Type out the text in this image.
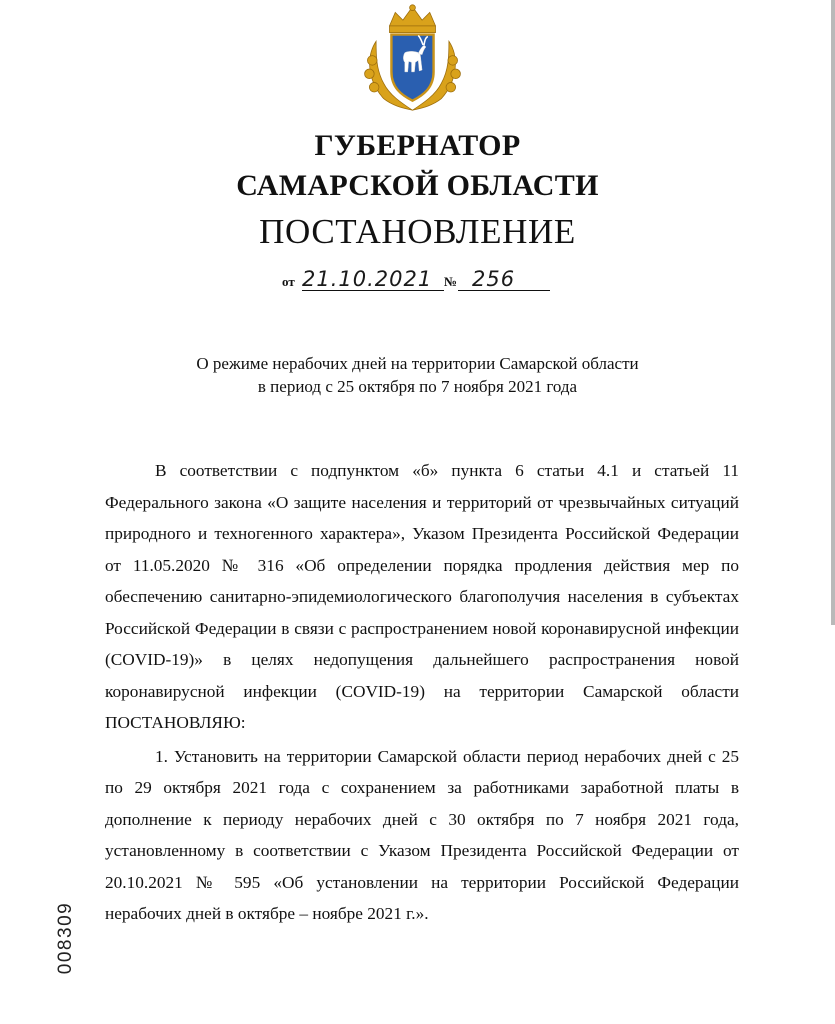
ГУБЕРНАТОР
САМАРСКОЙ ОБЛАСТИ
ПОСТАНОВЛЕНИЕ
от 21.10.2021 № 256
О режиме нерабочих дней на территории Самарской области
в период с 25 октября по 7 ноября 2021 года

В соответствии с подпунктом «б» пункта 6 статьи 4.1 и статьей 11 Федерального закона «О защите населения и территорий от чрезвычайных ситуаций природного и техногенного характера», Указом Президента Российской Федерации от 11.05.2020 № 316 «Об определении порядка продления действия мер по обеспечению санитарно-эпидемиологического благополучия населения в субъектах Российской Федерации в связи с распространением новой коронавирусной инфекции (COVID-19)» в целях недопущения дальнейшего распространения новой коронавирусной инфекции (COVID-19) на территории Самарской области ПОСТАНОВЛЯЮ:

1. Установить на территории Самарской области период нерабочих дней с 25 по 29 октября 2021 года с сохранением за работниками заработной платы в дополнение к периоду нерабочих дней с 30 октября по 7 ноября 2021 года, установленному в соответствии с Указом Президента Российской Федерации от 20.10.2021 № 595 «Об установлении на территории Российской Федерации нерабочих дней в октябре – ноябре 2021 г.».

008309
